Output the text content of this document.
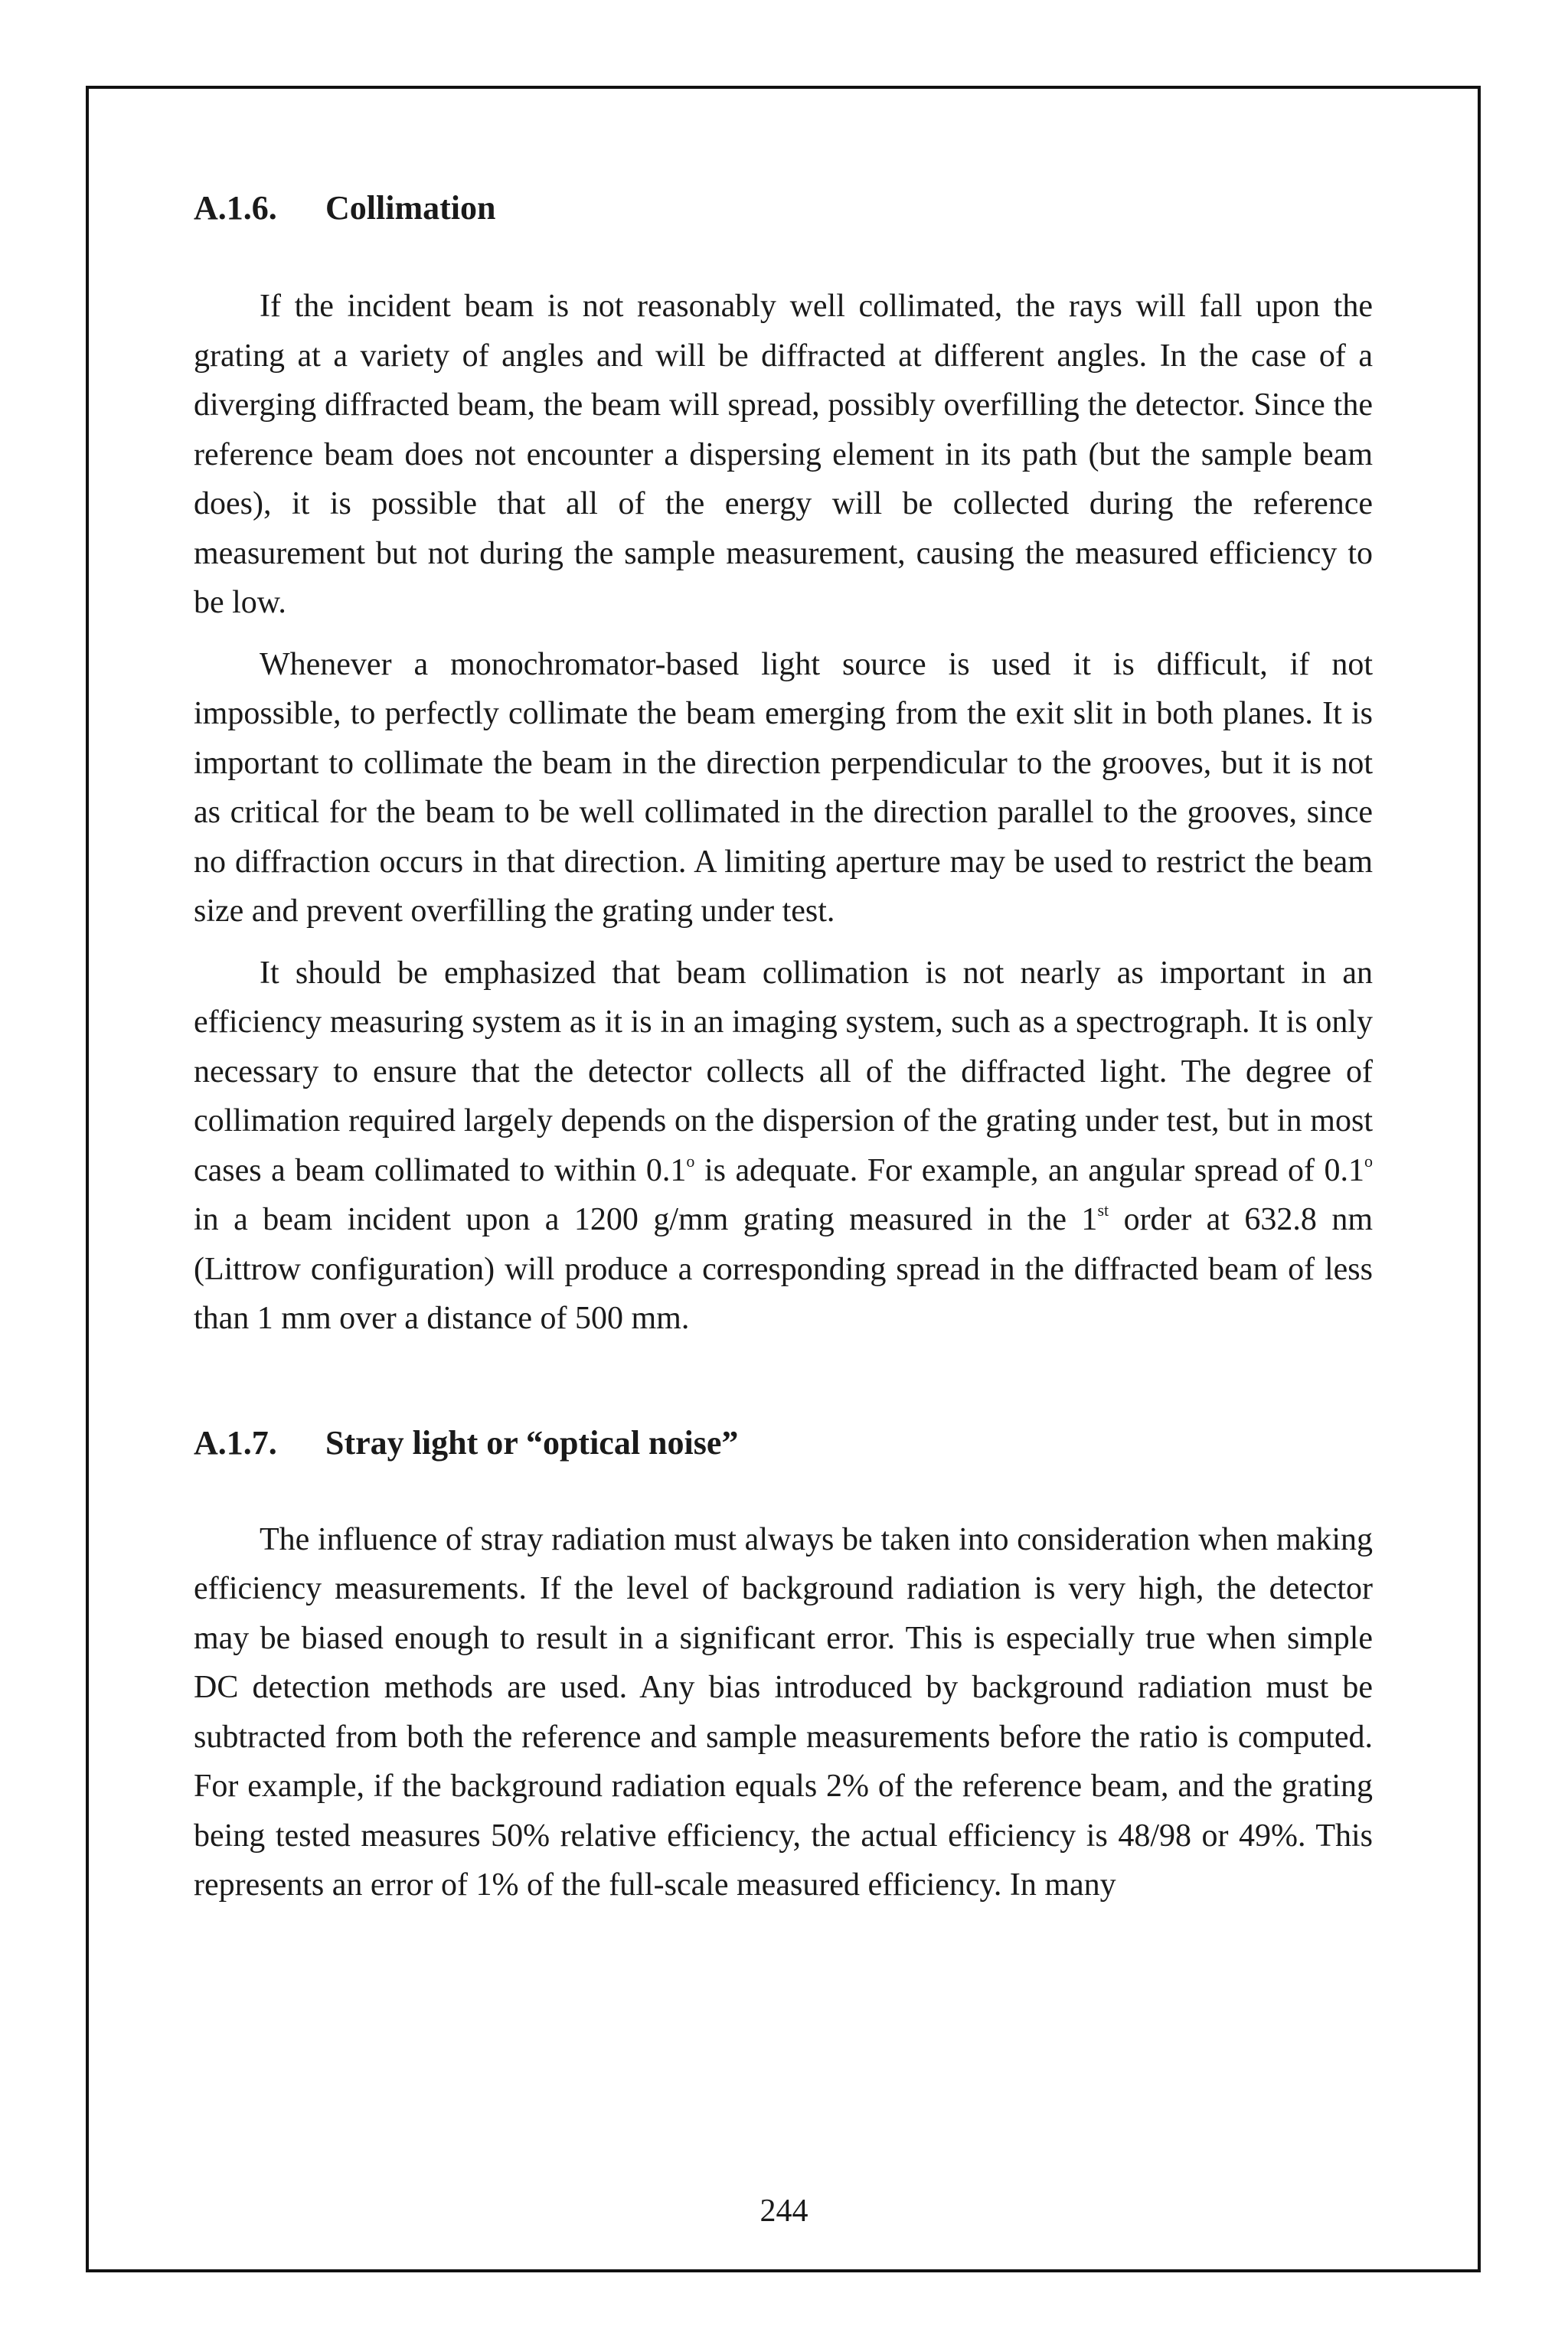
A.1.6.	Collimation

If the incident beam is not reasonably well collimated, the rays will fall upon the grating at a variety of angles and will be diffracted at different angles. In the case of a diverging diffracted beam, the beam will spread, possibly overfilling the detector. Since the reference beam does not encounter a dispersing element in its path (but the sample beam does), it is possible that all of the energy will be collected during the reference measurement but not during the sample measurement, causing the measured efficiency to be low.

Whenever a monochromator-based light source is used it is difficult, if not impossible, to perfectly collimate the beam emerging from the exit slit in both planes. It is important to collimate the beam in the direction perpendicular to the grooves, but it is not as critical for the beam to be well collimated in the direction parallel to the grooves, since no diffraction occurs in that direction. A limiting aperture may be used to restrict the beam size and prevent overfilling the grating under test.

It should be emphasized that beam collimation is not nearly as important in an efficiency measuring system as it is in an imaging system, such as a spectrograph. It is only necessary to ensure that the detector collects all of the diffracted light. The degree of collimation required largely depends on the dispersion of the grating under test, but in most cases a beam collimated to within 0.1$^o$ is adequate. For example, an angular spread of 0.1$^o$ in a beam incident upon a 1200 g/mm grating measured in the 1st order at 632.8 nm (Littrow configuration) will produce a corresponding spread in the diffracted beam of less than 1 mm over a distance of 500 mm.

A.1.7.	Stray light or “optical noise”

The influence of stray radiation must always be taken into consideration when making efficiency measurements. If the level of background radiation is very high, the detector may be biased enough to result in a significant error. This is especially true when simple DC detection methods are used. Any bias introduced by background radiation must be subtracted from both the reference and sample measurements before the ratio is computed. For example, if the background radiation equals 2% of the reference beam, and the grating being tested measures 50% relative efficiency, the actual efficiency is 48/98 or 49%. This represents an error of 1% of the full-scale measured efficiency. In many

244
